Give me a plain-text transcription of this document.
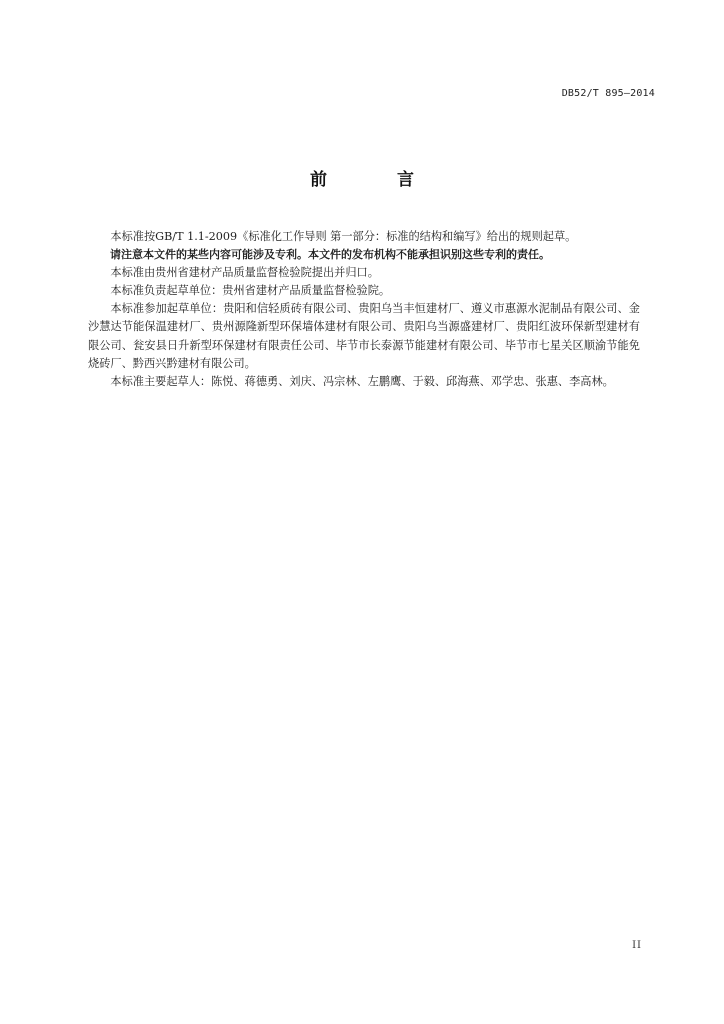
DB52/T 895—2014
前 言

本标准按GB/T 1.1-2009《标准化工作导则 第一部分：标准的结构和编写》给出的规则起草。

请注意本文件的某些内容可能涉及专利。本文件的发布机构不能承担识别这些专利的责任。

本标准由贵州省建材产品质量监督检验院提出并归口。

本标准负责起草单位：贵州省建材产品质量监督检验院。

本标准参加起草单位：贵阳和信轻质砖有限公司、贵阳乌当丰恒建材厂、遵义市惠源水泥制品有限公司、金沙慧达节能保温建材厂、贵州源隆新型环保墙体建材有限公司、贵阳乌当源盛建材厂、贵阳红波环保新型建材有限公司、瓮安县日升新型环保建材有限责任公司、毕节市长泰源节能建材有限公司、毕节市七星关区顺渝节能免烧砖厂、黔西兴黔建材有限公司。

本标准主要起草人：陈悦、蒋德勇、刘庆、冯宗林、左鹏鹰、于毅、邱海燕、邓学忠、张惠、李高林。

II
